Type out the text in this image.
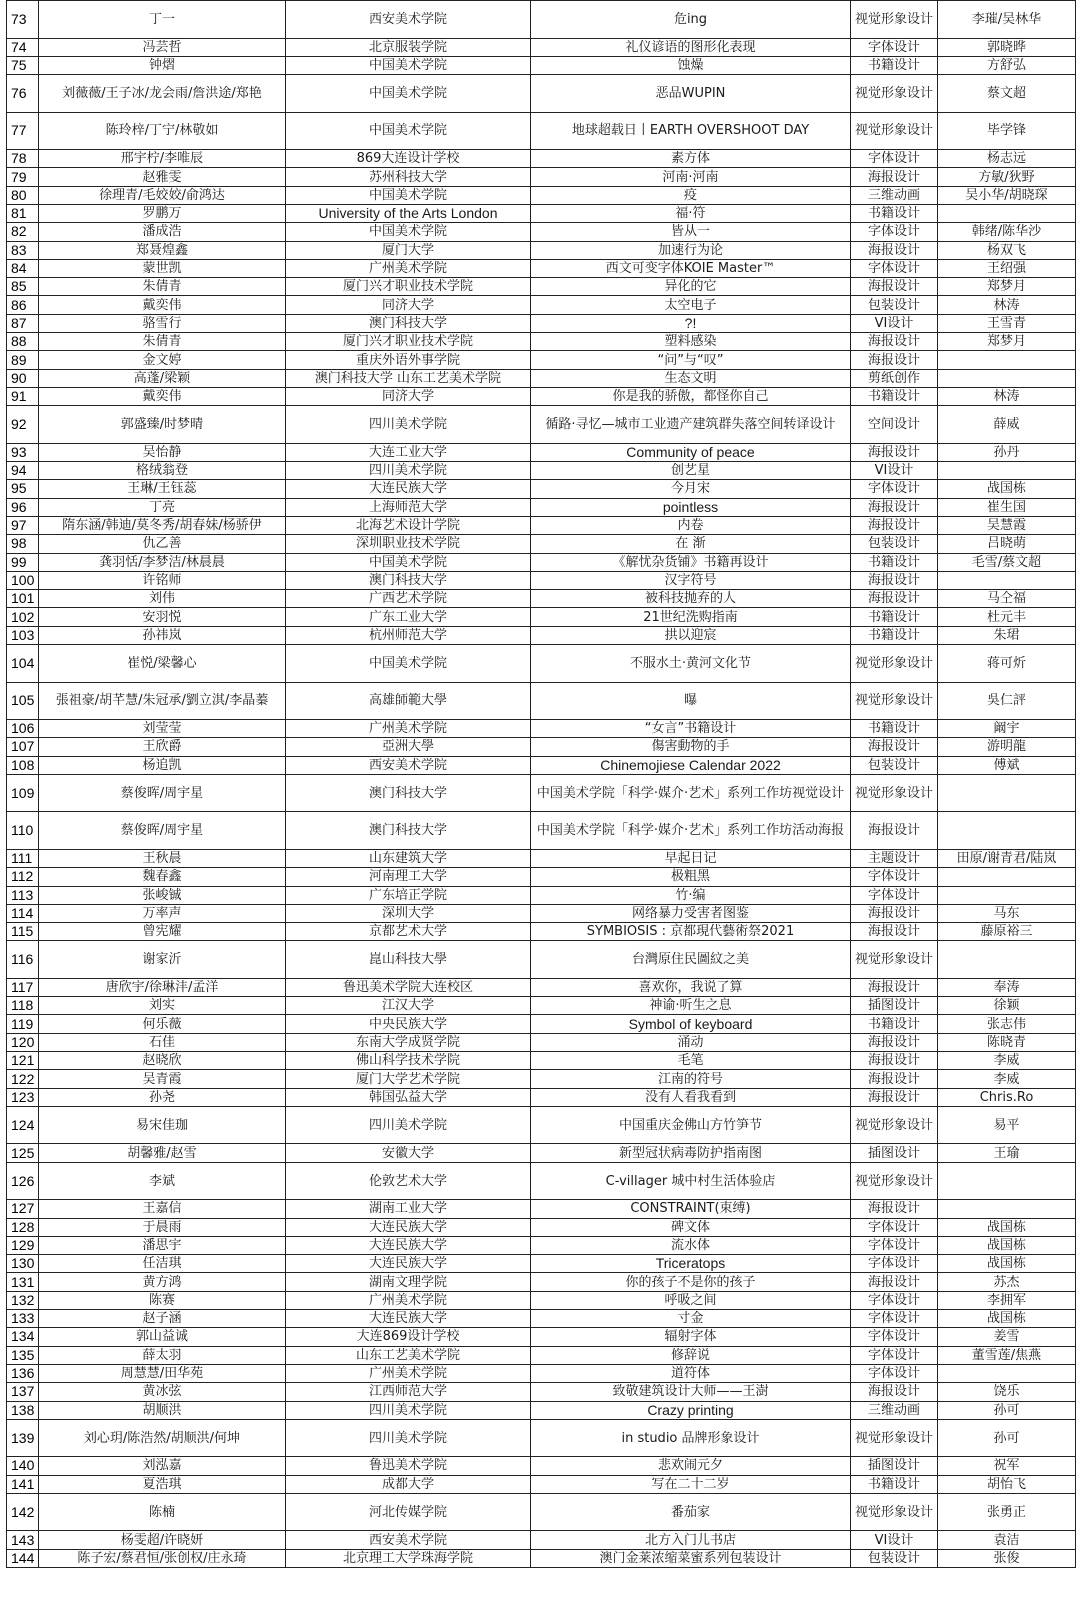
73	丁一	西安美术学院	危ing	视觉形象设计	李璀/吴林华
74	冯芸哲	北京服装学院	礼仪谚语的图形化表现	字体设计	郭晓晔
75	钟熠	中国美术学院	蚀燥	书籍设计	方舒弘
76	刘薇薇/王子冰/龙会雨/詹洪途/郑艳	中国美术学院	恶品WUPIN	视觉形象设计	蔡文超
77	陈玲梓/丁宁/林敬如	中国美术学院	地球超载日丨EARTH OVERSHOOT DAY	视觉形象设计	毕学锋
78	邢宇柠/李唯辰	869大连设计学校	素方体	字体设计	杨志远
79	赵雅雯	苏州科技大学	河南·河南	海报设计	方敏/狄野
80	徐理青/毛姣姣/俞鸿达	中国美术学院	疫	三维动画	吴小华/胡晓琛
81	罗鹏万	University of the Arts London	福·符	书籍设计	
82	潘成浩	中国美术学院	皆从一	字体设计	韩绪/陈华沙
83	郑聂煌鑫	厦门大学	加速行为论	海报设计	杨双飞
84	蒙世凯	广州美术学院	西文可变字体KOIE Master™	字体设计	王绍强
85	朱倩青	厦门兴才职业技术学院	异化的它	海报设计	郑梦月
86	戴奕伟	同济大学	太空电子	包装设计	林涛
87	骆雪行	澳门科技大学	?!	VI设计	王雪青
88	朱倩青	厦门兴才职业技术学院	塑料感染	海报设计	郑梦月
89	金文婷	重庆外语外事学院	“问”与“叹”	海报设计	
90	高蓬/梁颖	澳门科技大学 山东工艺美术学院	生态文明	剪纸创作	
91	戴奕伟	同济大学	你是我的骄傲，都怪你自己	书籍设计	林涛
92	郭盛臻/时梦晴	四川美术学院	循路·寻忆—城市工业遗产建筑群失落空间转译设计	空间设计	薛威
93	吴怡静	大连工业大学	Community of peace	海报设计	孙丹
94	格绒翁登	四川美术学院	创艺星	VI设计	
95	王琳/王钰蕊	大连民族大学	今月宋	字体设计	战国栋
96	丁亮	上海师范大学	pointless	海报设计	崔生国
97	隋东涵/韩迪/莫冬秀/胡春妹/杨骄伊	北海艺术设计学院	内卷	海报设计	吴慧霞
98	仇乙善	深圳职业技术学院	在 渐	包装设计	吕晓萌
99	龚羽恬/李梦洁/林晨晨	中国美术学院	《解忧杂货铺》书籍再设计	书籍设计	毛雪/蔡文超
100	许铭师	澳门科技大学	汉字符号	海报设计	
101	刘伟	广西艺术学院	被科技抛弃的人	海报设计	马仝福
102	安羽悦	广东工业大学	21世纪洗购指南	书籍设计	杜元丰
103	孙祎岚	杭州师范大学	拱以迎宸	书籍设计	朱珺
104	崔悦/梁馨心	中国美术学院	不服水土·黄河文化节	视觉形象设计	蒋可炘
105	張祖豪/胡芊慧/朱冠承/劉立淇/李晶蓁	高雄師範大學	曝	视觉形象设计	吳仁評
106	刘莹莹	广州美术学院	“女言”书籍设计	书籍设计	阚宇
107	王欣爵	亞洲大學	傷害動物的手	海报设计	游明龍
108	杨追凯	西安美术学院	Chinemojiese Calendar 2022	包装设计	傅斌
109	蔡俊晖/周宇星	澳门科技大学	中国美术学院「科学·媒介·艺术」系列工作坊视觉设计	视觉形象设计	
110	蔡俊晖/周宇星	澳门科技大学	中国美术学院「科学·媒介·艺术」系列工作坊活动海报	海报设计	
111	王秋晨	山东建筑大学	早起日记	主题设计	田原/谢青君/陆岚
112	魏春鑫	河南理工大学	极粗黑	字体设计	
113	张峻铖	广东培正学院	竹·编	字体设计	
114	万率声	深圳大学	网络暴力受害者图鉴	海报设计	马东
115	曾宪耀	京都艺术大学	SYMBIOSIS : 京都現代藝術祭2021	海报设计	藤原裕三
116	谢家沂	崑山科技大學	台灣原住民圖紋之美	视觉形象设计	
117	唐欣宇/徐琳沣/孟洋	鲁迅美术学院大连校区	喜欢你，我说了算	海报设计	奉涛
118	刘实	江汉大学	神谕·听生之息	插图设计	徐颖
119	何乐薇	中央民族大学	Symbol of keyboard	书籍设计	张志伟
120	石佳	东南大学成贤学院	涌动	海报设计	陈晓青
121	赵晓欣	佛山科学技术学院	毛笔	海报设计	李威
122	吴青霞	厦门大学艺术学院	江南的符号	海报设计	李威
123	孙尧	韩国弘益大学	没有人看我看到	海报设计	Chris.Ro
124	易宋佳珈	四川美术学院	中国重庆金佛山方竹笋节	视觉形象设计	易平
125	胡馨雅/赵雪	安徽大学	新型冠状病毒防护指南图	插图设计	王瑜
126	李斌	伦敦艺术大学	C-villager 城中村生活体验店	视觉形象设计	
127	王嘉信	湖南工业大学	CONSTRAINT(束缚)	海报设计	
128	于晨雨	大连民族大学	碑文体	字体设计	战国栋
129	潘思宇	大连民族大学	流水体	字体设计	战国栋
130	任洁琪	大连民族大学	Triceratops	字体设计	战国栋
131	黄方鸿	湖南文理学院	你的孩子不是你的孩子	海报设计	苏杰
132	陈赛	广州美术学院	呼吸之间	字体设计	李拥军
133	赵子涵	大连民族大学	寸金	字体设计	战国栋
134	郭山益诚	大连869设计学校	辐射字体	字体设计	姜雪
135	薛太羽	山东工艺美术学院	修辞说	字体设计	董雪莲/焦燕
136	周慧慧/田华苑	广州美术学院	道符体	字体设计	
137	黄冰弦	江西师范大学	致敬建筑设计大师——王澍	海报设计	饶乐
138	胡顺洪	四川美术学院	Crazy printing	三维动画	孙可
139	刘心玥/陈浩然/胡顺洪/何坤	四川美术学院	in studio 品牌形象设计	视觉形象设计	孙可
140	刘泓嘉	鲁迅美术学院	悲欢闹元夕	插图设计	祝军
141	夏浩琪	成都大学	写在二十二岁	书籍设计	胡怡飞
142	陈楠	河北传媒学院	番茄家	视觉形象设计	张勇正
143	杨雯超/许晓妍	西安美术学院	北方入门儿书店	VI设计	袁洁
144	陈子宏/蔡君恒/张创权/庄永琦	北京理工大学珠海学院	澳门金莱浓缩菜蜜系列包装设计	包装设计	张俊
